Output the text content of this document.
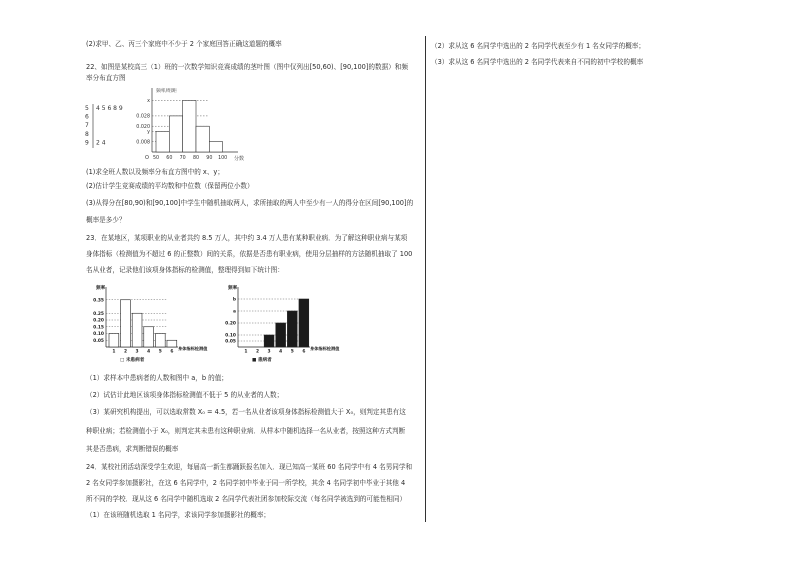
(2)求甲、乙、丙三个家庭中不少于 2 个家庭回答正确这道题的概率
22、如图是某校高三（1）班的一次数学知识竞赛成绩的茎叶图（图中仅列出[50,60)、[90,100]的数据）和频
率分布直方图
5 4 5 6 8 9
6
7
8
9 2 4
频率/组距
分数
O
x
0.028
0.020
y
0.008
50 60 70 80 90 100
(1)求全班人数以及频率分布直方图中的 x、y；
(2)估计学生竞赛成绩的平均数和中位数（保留两位小数）
(3)从得分在[80,90)和[90,100]中学生中随机抽取两人，求所抽取的两人中至少有一人的得分在区间[90,100]的
概率是多少？
23．在某地区，某项职业的从业者共约 8.5 万人，其中约 3.4 万人患有某种职业病．为了解这种职业病与某项
身体指标（检测值为不超过 6 的正整数）间的关系，依据是否患有职业病，使用分层抽样的方法随机抽取了 100
名从业者，记录他们该项身体指标的检测值，整理得到如下统计图：
频率
身体指标检测值
0.35
0.25
0.20
0.15
0.10
0.05
1 2 3 4 5 6
□ 未患病者
频率
身体指标检测值
b
a
0.20
0.10
0.05
1 2 3 4 5 6
■ 患病者
（1）求样本中患病者的人数和图中 a，b 的值；
（2）试估计此地区该项身体指标检测值不低于 5 的从业者的人数；
（3）某研究机构提出，可以选取常数 X₀ = 4.5，若一名从业者该项身体指标检测值大于 X₀，则判定其患有这
种职业病；若检测值小于 X₀，则判定其未患有这种职业病．从样本中随机选择一名从业者，按照这种方式判断
其是否患病，求判断错误的概率
24．某校社团活动深受学生欢迎，每届高一新生都踊跃报名加入．现已知高一某班 60 名同学中有 4 名男同学和
2 名女同学参加摄影社，在这 6 名同学中，2 名同学初中毕业于同一所学校，其余 4 名同学初中毕业于其他 4
所不同的学校．现从这 6 名同学中随机选取 2 名同学代表社团参加校际交流（每名同学被选到的可能性相同）
（1）在该班随机选取 1 名同学，求该同学参加摄影社的概率；
（2）求从这 6 名同学中选出的 2 名同学代表至少有 1 名女同学的概率；
（3）求从这 6 名同学中选出的 2 名同学代表来自不同的初中学校的概率
